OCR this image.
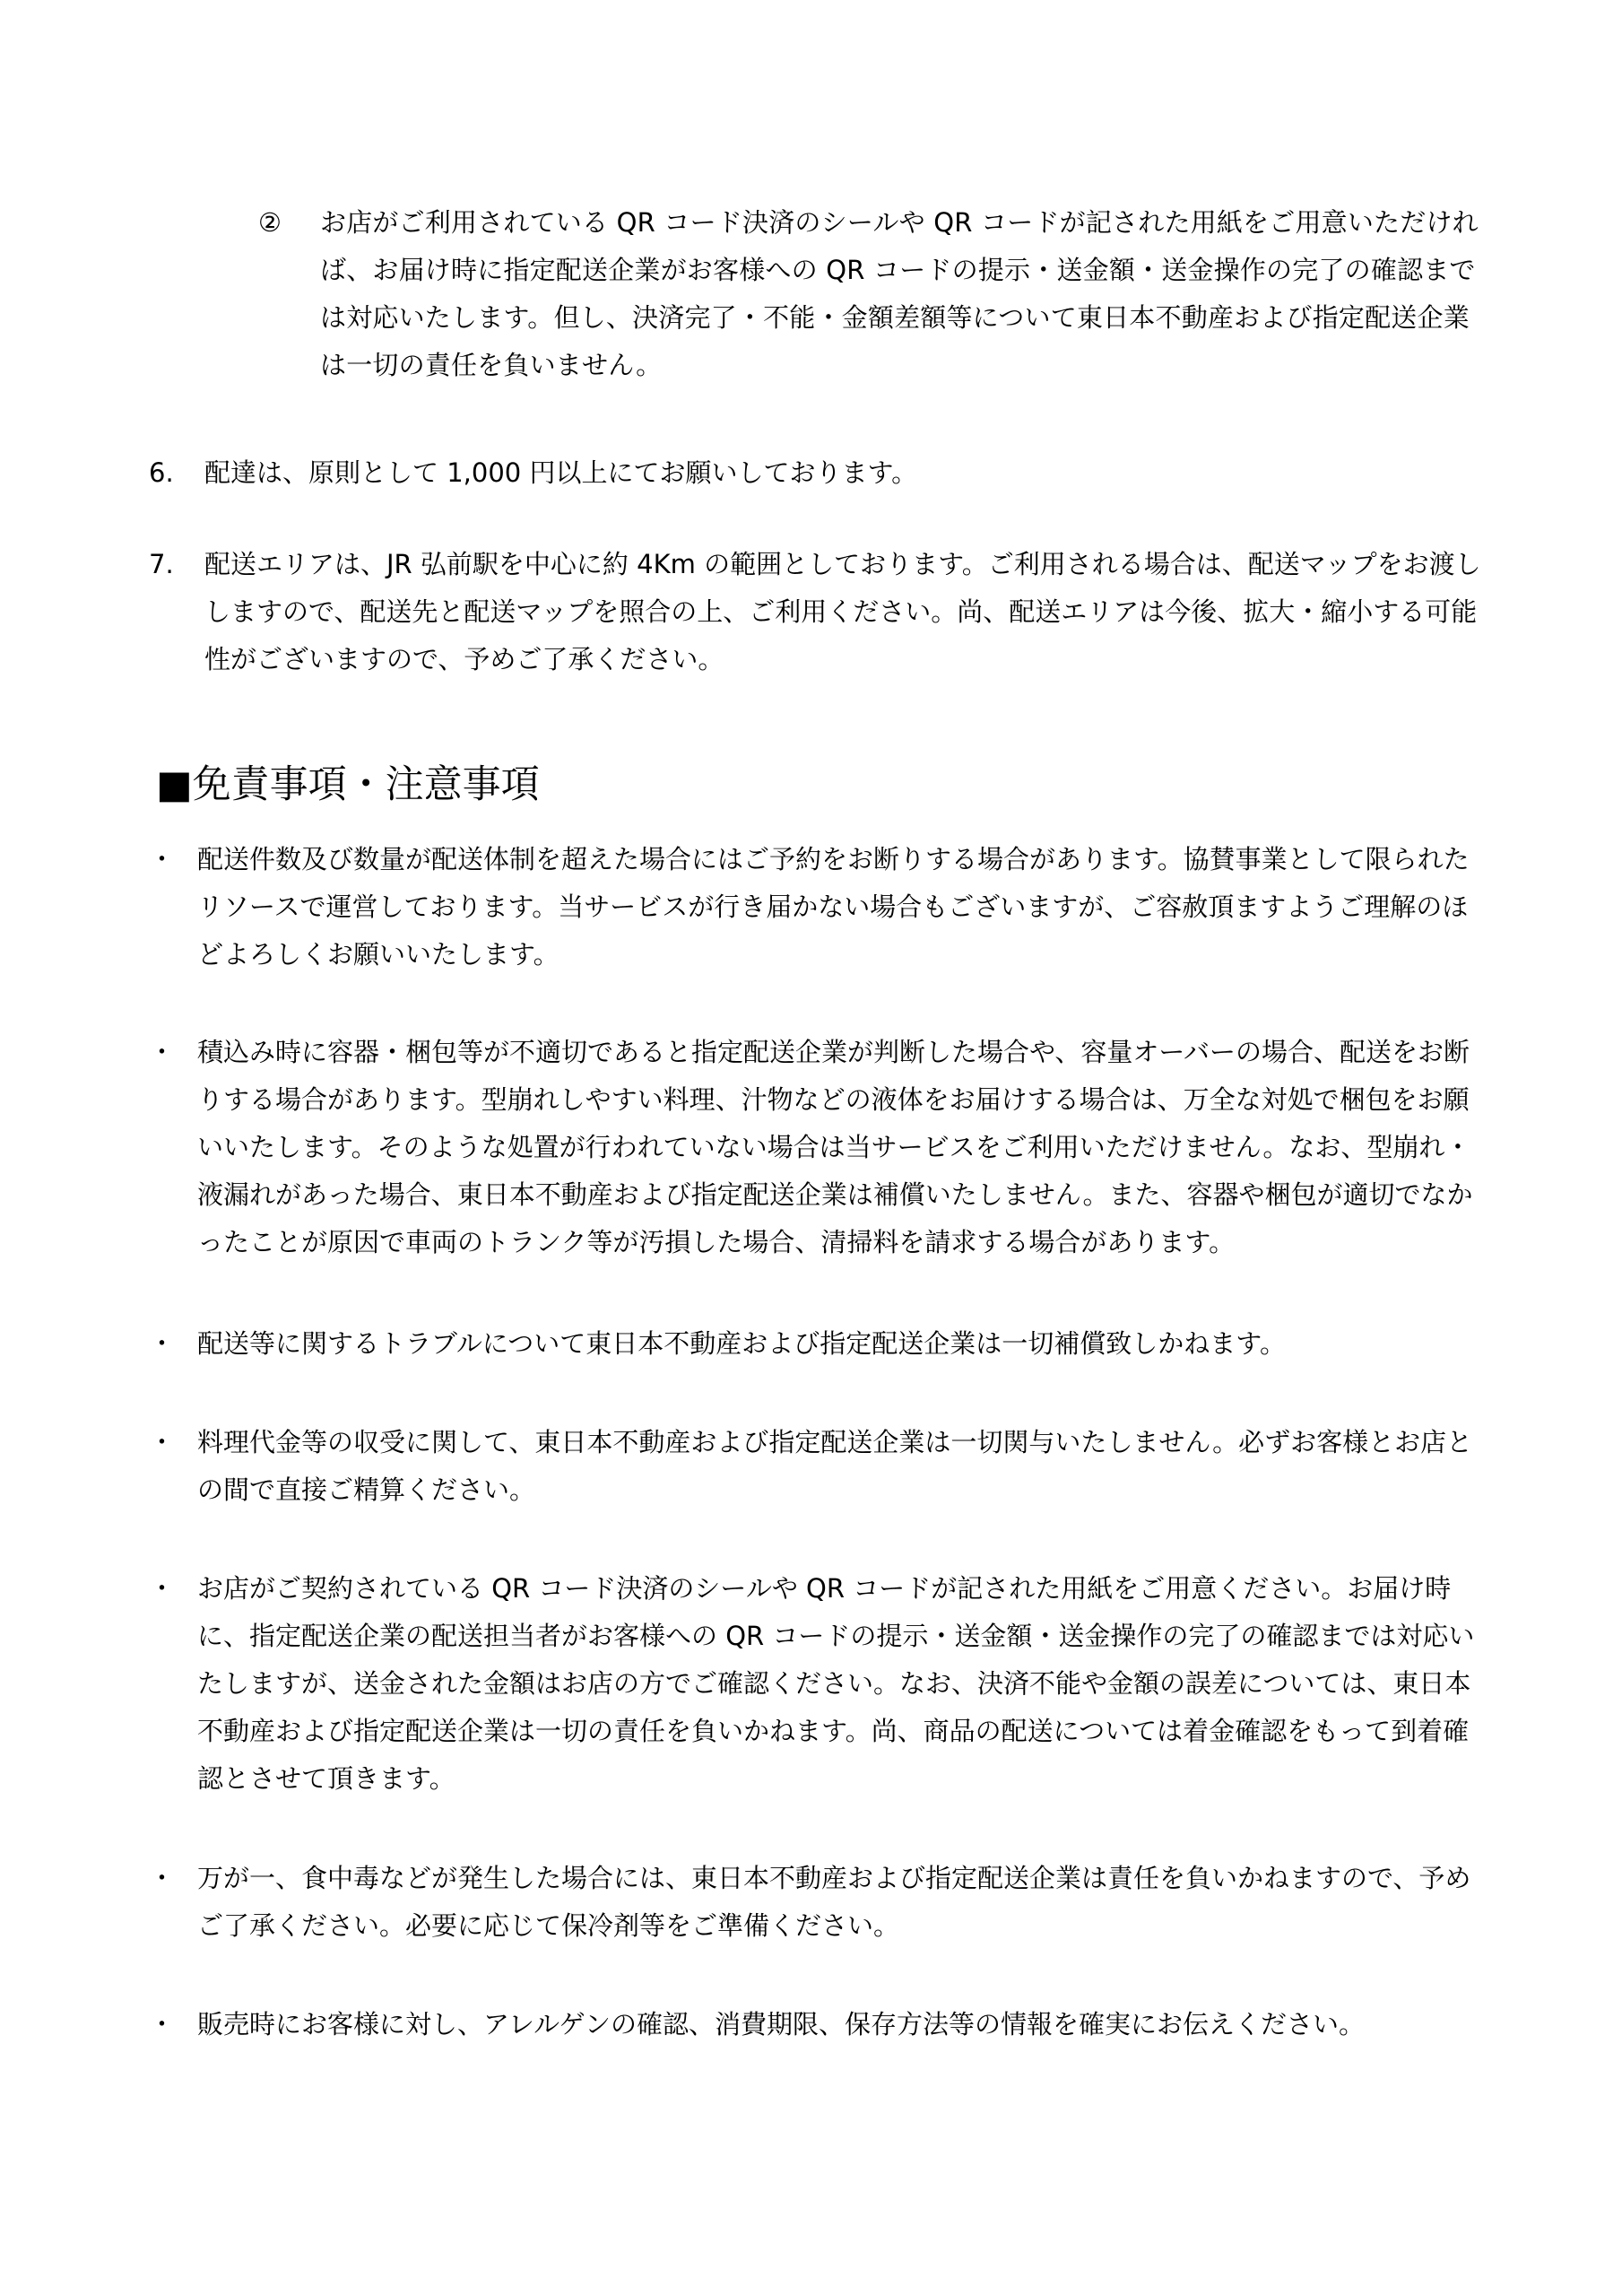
②	お店がご利用されている QR コード決済のシールや QR コードが記された用紙をご用意いただければ、お届け時に指定配送企業がお客様への QR コードの提示・送金額・送金操作の完了の確認までは対応いたします。但し、決済完了・不能・金額差額等について東日本不動産および指定配送企業は一切の責任を負いません。
6. 配達は、原則として 1,000 円以上にてお願いしております。
7. 配送エリアは、JR 弘前駅を中心に約 4Km の範囲としております。ご利用される場合は、配送マップをお渡ししますので、配送先と配送マップを照合の上、ご利用ください。尚、配送エリアは今後、拡大・縮小する可能性がございますので、予めご了承ください。
■免責事項・注意事項
・ 配送件数及び数量が配送体制を超えた場合にはご予約をお断りする場合があります。協賛事業として限られたリソースで運営しております。当サービスが行き届かない場合もございますが、ご容赦頂ますようご理解のほどよろしくお願いいたします。
・ 積込み時に容器・梱包等が不適切であると指定配送企業が判断した場合や、容量オーバーの場合、配送をお断りする場合があります。型崩れしやすい料理、汁物などの液体をお届けする場合は、万全な対処で梱包をお願いいたします。そのような処置が行われていない場合は当サービスをご利用いただけません。なお、型崩れ・液漏れがあった場合、東日本不動産および指定配送企業は補償いたしません。また、容器や梱包が適切でなかったことが原因で車両のトランク等が汚損した場合、清掃料を請求する場合があります。
・ 配送等に関するトラブルについて東日本不動産および指定配送企業は一切補償致しかねます。
・ 料理代金等の収受に関して、東日本不動産および指定配送企業は一切関与いたしません。必ずお客様とお店との間で直接ご精算ください。
・ お店がご契約されている QR コード決済のシールや QR コードが記された用紙をご用意ください。お届け時に、指定配送企業の配送担当者がお客様への QR コードの提示・送金額・送金操作の完了の確認までは対応いたしますが、送金された金額はお店の方でご確認ください。なお、決済不能や金額の誤差については、東日本不動産および指定配送企業は一切の責任を負いかねます。尚、商品の配送については着金確認をもって到着確認とさせて頂きます。
・ 万が一、食中毒などが発生した場合には、東日本不動産および指定配送企業は責任を負いかねますので、予めご了承ください。必要に応じて保冷剤等をご準備ください。
・ 販売時にお客様に対し、アレルゲンの確認、消費期限、保存方法等の情報を確実にお伝えください。
